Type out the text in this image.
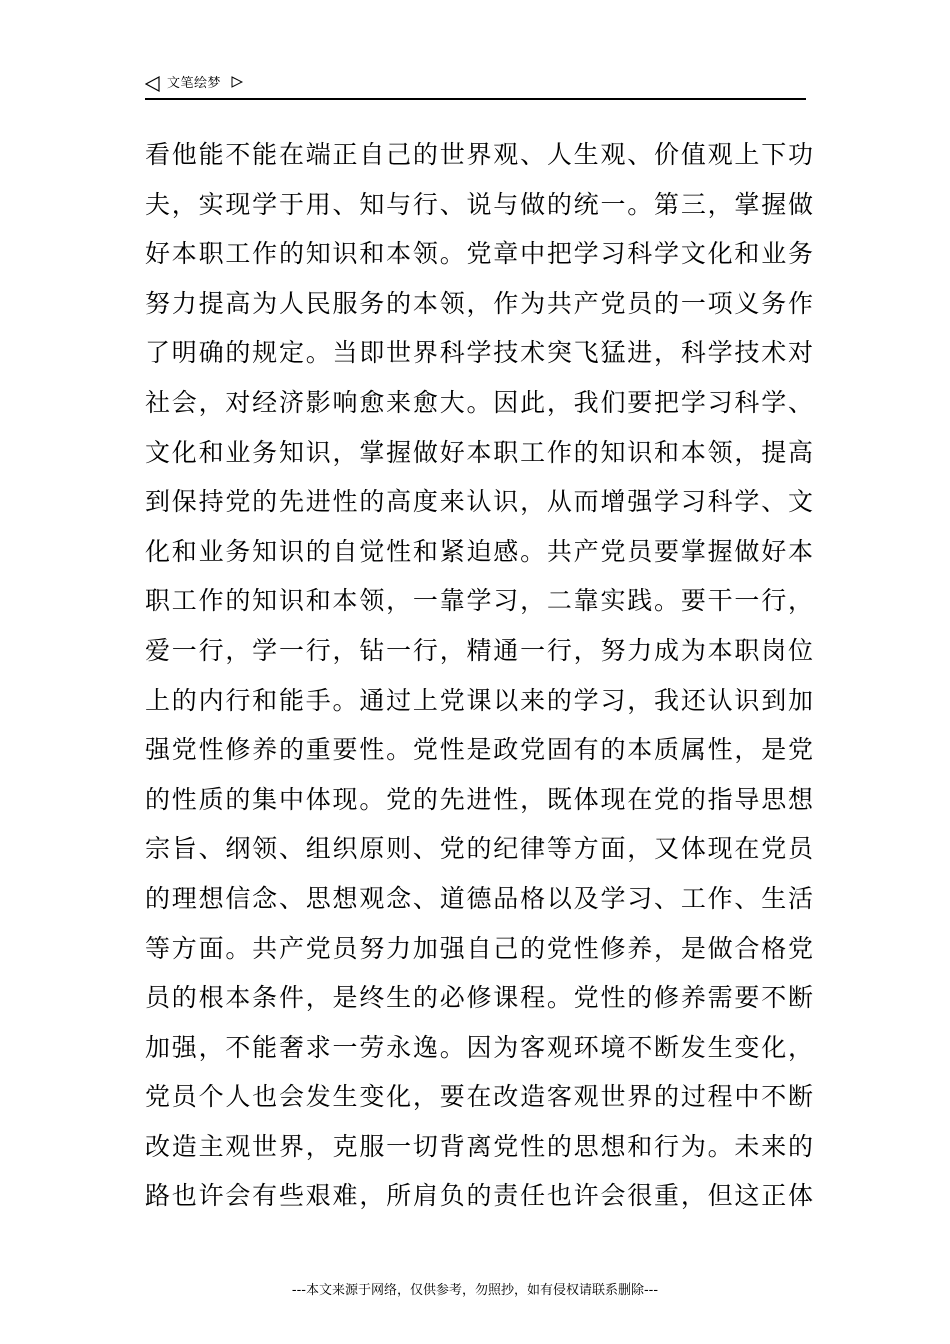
文笔绘梦
看他能不能在端正自己的世界观、人生观、价值观上下功
夫，实现学于用、知与行、说与做的统一。第三，掌握做
好本职工作的知识和本领。党章中把学习科学文化和业务
努力提高为人民服务的本领，作为共产党员的一项义务作
了明确的规定。当即世界科学技术突飞猛进，科学技术对
社会，对经济影响愈来愈大。因此，我们要把学习科学、
文化和业务知识，掌握做好本职工作的知识和本领，提高
到保持党的先进性的高度来认识，从而增强学习科学、文
化和业务知识的自觉性和紧迫感。共产党员要掌握做好本
职工作的知识和本领，一靠学习，二靠实践。要干一行，
爱一行，学一行，钻一行，精通一行，努力成为本职岗位
上的内行和能手。通过上党课以来的学习，我还认识到加
强党性修养的重要性。党性是政党固有的本质属性，是党
的性质的集中体现。党的先进性，既体现在党的指导思想
宗旨、纲领、组织原则、党的纪律等方面，又体现在党员
的理想信念、思想观念、道德品格以及学习、工作、生活
等方面。共产党员努力加强自己的党性修养，是做合格党
员的根本条件，是终生的必修课程。党性的修养需要不断
加强，不能奢求一劳永逸。因为客观环境不断发生变化，
党员个人也会发生变化，要在改造客观世界的过程中不断
改造主观世界，克服一切背离党性的思想和行为。未来的
路也许会有些艰难，所肩负的责任也许会很重，但这正体
---本文来源于网络，仅供参考，勿照抄，如有侵权请联系删除---
